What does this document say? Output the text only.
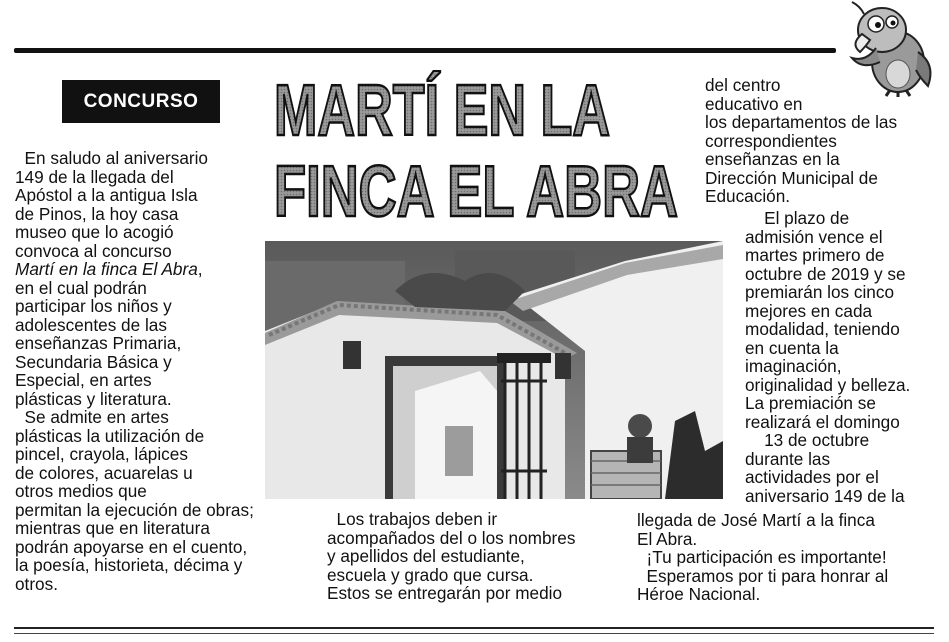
CONCURSO MARTÍ EN LA
FINCA EL ABRA
En saludo al aniversario
149 de la llegada del
Apóstol a la antigua Isla
de Pinos, la hoy casa
museo que lo acogió
convoca al concurso
Martí en la finca El Abra,
en el cual podrán
participar los niños y
adolescentes de las
enseñanzas Primaria,
Secundaria Básica y
Especial, en artes
plásticas y literatura.
Se admite en artes
plásticas la utilización de
pincel, crayola, lápices
de colores, acuarelas u
otros medios que
permitan la ejecución de obras;
mientras que en literatura
podrán apoyarse en el cuento,
la poesía, historieta, décima y
otros.
Los trabajos deben ir
acompañados del o los nombres
y apellidos del estudiante,
escuela y grado que cursa.
Estos se entregarán por medio
del centro
educativo en
los departamentos de las
correspondientes
enseñanzas en la
Dirección Municipal de
Educación.
El plazo de
admisión vence el
martes primero de
octubre de 2019 y se
premiarán los cinco
mejores en cada
modalidad, teniendo
en cuenta la
imaginación,
originalidad y belleza.
La premiación se
realizará el domingo
13 de octubre
durante las
actividades por el
aniversario 149 de la
llegada de José Martí a la finca
El Abra.
¡Tu participación es importante!
Esperamos por ti para honrar al
Héroe Nacional.
